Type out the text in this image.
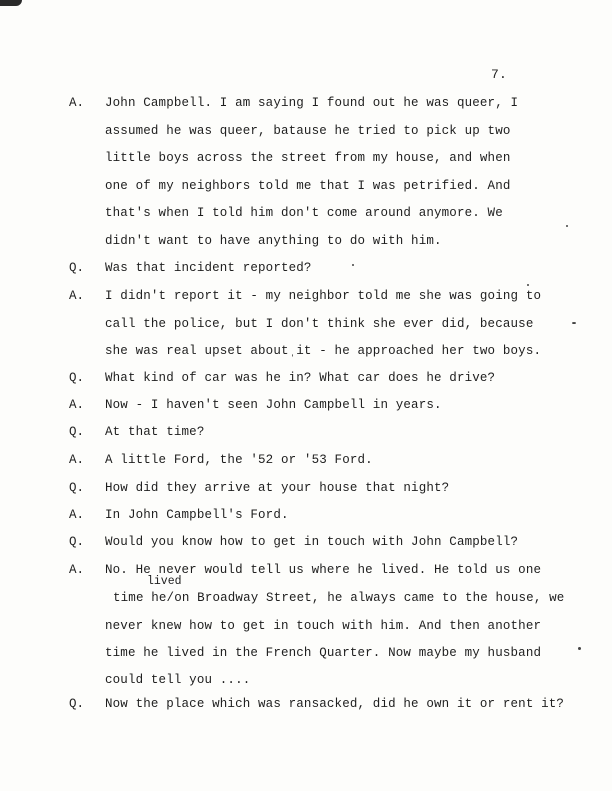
7.
A. John Campbell. I am saying I found out he was queer, I
assumed he was queer, batause he tried to pick up two
little boys across the street from my house, and when
one of my neighbors told me that I was petrified. And
that's when I told him don't come around anymore. We
didn't want to have anything to do with him.
Q. Was that incident reported?
A. I didn't report it - my neighbor told me she was going to
call the police, but I don't think she ever did, because
she was real upset aboutˌit - he approached her two boys.
Q. What kind of car was he in? What car does he drive?
A. Now - I haven't seen John Campbell in years.
Q. At that time?
A. A little Ford, the '52 or '53 Ford.
Q. How did they arrive at your house that night?
A. In John Campbell's Ford.
Q. Would you know how to get in touch with John Campbell?
A. No. He never would tell us where he lived. He told us one
lived
time he/on Broadway Street, he always came to the house, we
never knew how to get in touch with him. And then another
time he lived in the French Quarter. Now maybe my husband
could tell you ....
Q. Now the place which was ransacked, did he own it or rent it?
